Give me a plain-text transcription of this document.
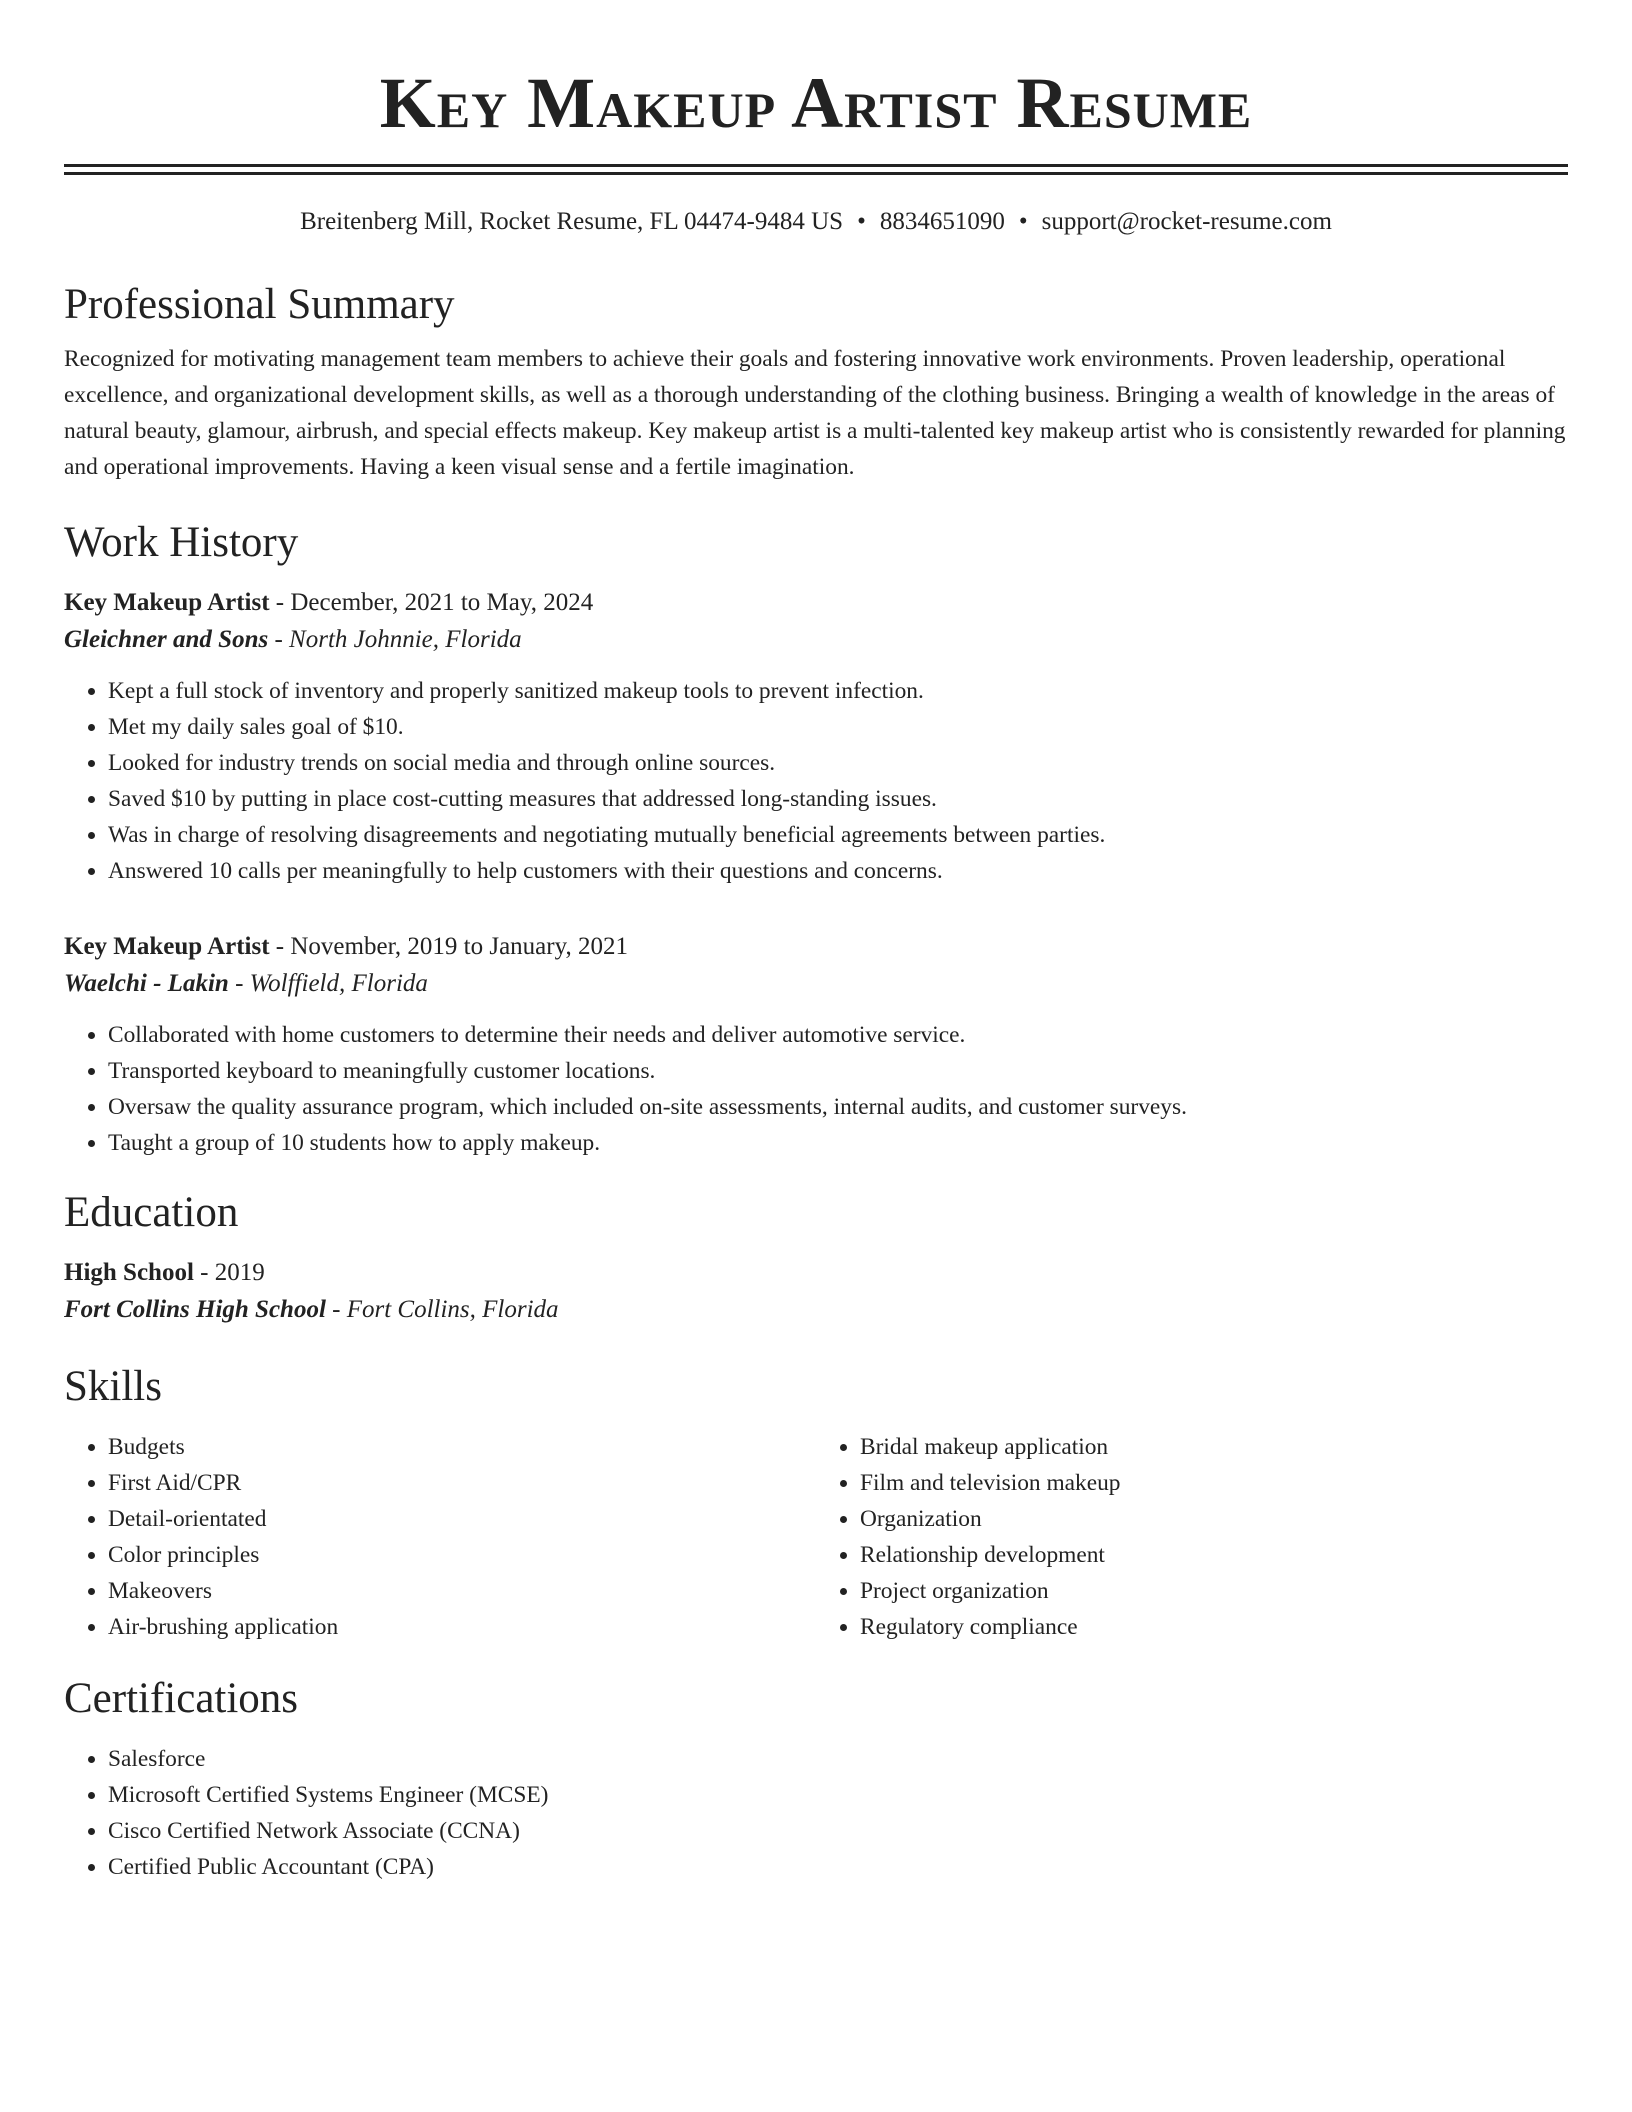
Key Makeup Artist Resume
Breitenberg Mill, Rocket Resume, FL 04474-9484 US • 8834651090 • support@rocket-resume.com
Professional Summary

Recognized for motivating management team members to achieve their goals and fostering innovative work environments. Proven leadership, operational excellence, and organizational development skills, as well as a thorough understanding of the clothing business. Bringing a wealth of knowledge in the areas of natural beauty, glamour, airbrush, and special effects makeup. Key makeup artist is a multi-talented key makeup artist who is consistently rewarded for planning and operational improvements. Having a keen visual sense and a fertile imagination.

Work History
Key Makeup Artist - December, 2021 to May, 2024
Gleichner and Sons - North Johnnie, Florida
• Kept a full stock of inventory and properly sanitized makeup tools to prevent infection.
• Met my daily sales goal of $10.
• Looked for industry trends on social media and through online sources.
• Saved $10 by putting in place cost-cutting measures that addressed long-standing issues.
• Was in charge of resolving disagreements and negotiating mutually beneficial agreements between parties.
• Answered 10 calls per meaningfully to help customers with their questions and concerns.
Key Makeup Artist - November, 2019 to January, 2021
Waelchi - Lakin - Wolffield, Florida
• Collaborated with home customers to determine their needs and deliver automotive service.
• Transported keyboard to meaningfully customer locations.
• Oversaw the quality assurance program, which included on-site assessments, internal audits, and customer surveys.
• Taught a group of 10 students how to apply makeup.
Education
High School - 2019
Fort Collins High School - Fort Collins, Florida
Skills
• Budgets
• First Aid/CPR
• Detail-orientated
• Color principles
• Makeovers
• Air-brushing application
• Bridal makeup application
• Film and television makeup
• Organization
• Relationship development
• Project organization
• Regulatory compliance
Certifications
• Salesforce
• Microsoft Certified Systems Engineer (MCSE)
• Cisco Certified Network Associate (CCNA)
• Certified Public Accountant (CPA)
